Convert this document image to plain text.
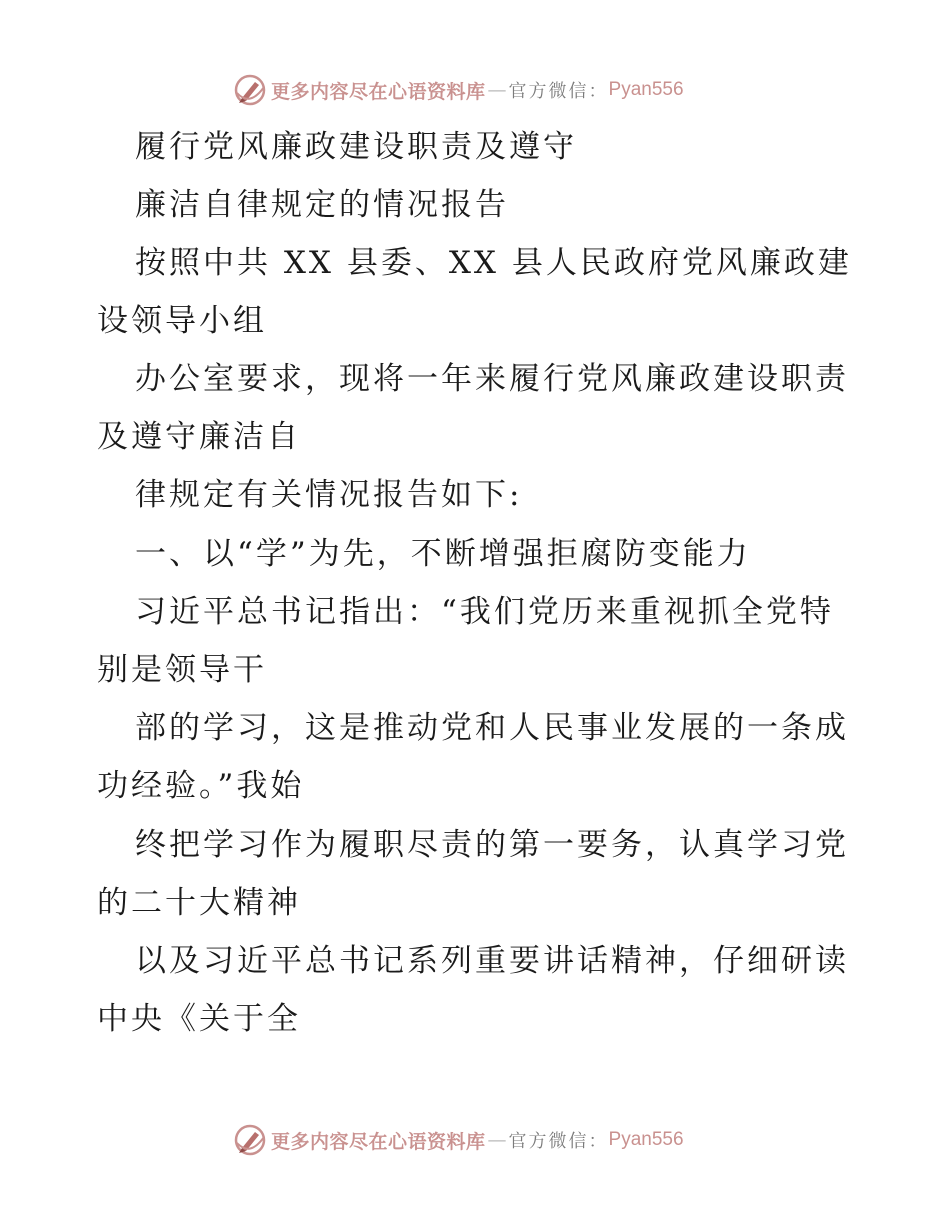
更多内容尽在心语资料库 — 官方微信： Pyan556
履行党风廉政建设职责及遵守
廉洁自律规定的情况报告
按照中共 XX 县委、XX 县人民政府党风廉政建
设领导小组
办公室要求，现将一年来履行党风廉政建设职责
及遵守廉洁自
律规定有关情况报告如下:
一、以“学”为先，不断增强拒腐防变能力
习近平总书记指出：“我们党历来重视抓全党特
别是领导干
部的学习，这是推动党和人民事业发展的一条成
功经验。”我始
终把学习作为履职尽责的第一要务，认真学习党
的二十大精神
以及习近平总书记系列重要讲话精神，仔细研读
中央《关于全
更多内容尽在心语资料库 — 官方微信： Pyan556
